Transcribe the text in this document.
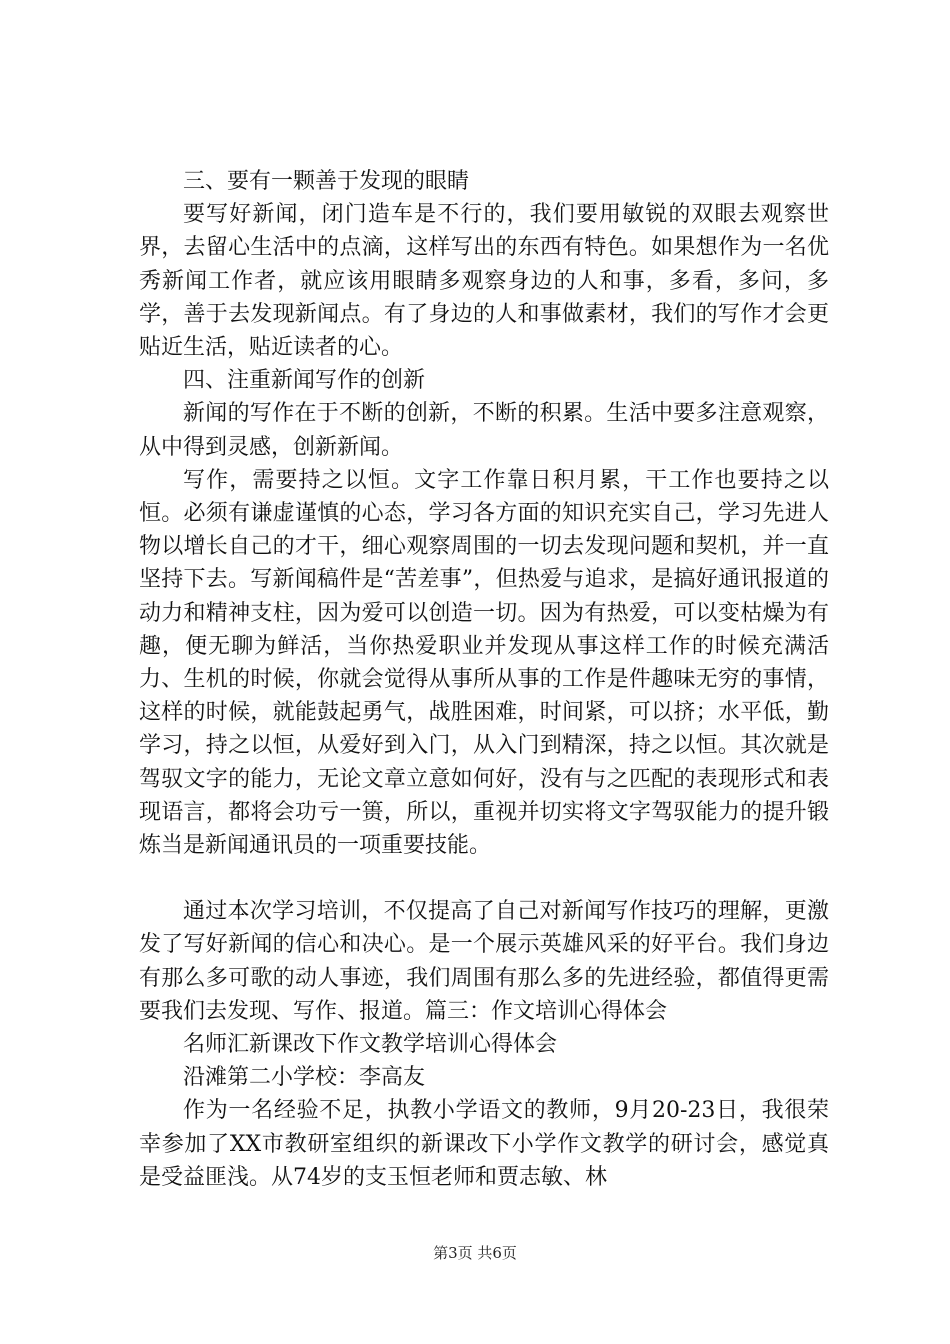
三、要有一颗善于发现的眼睛

要写好新闻，闭门造车是不行的，我们要用敏锐的双眼去观察世界，去留心生活中的点滴，这样写出的东西有特色。如果想作为一名优秀新闻工作者，就应该用眼睛多观察身边的人和事，多看，多问，多学，善于去发现新闻点。有了身边的人和事做素材，我们的写作才会更贴近生活，贴近读者的心。

四、注重新闻写作的创新

新闻的写作在于不断的创新，不断的积累。生活中要多注意观察，从中得到灵感，创新新闻。

写作，需要持之以恒。文字工作靠日积月累，干工作也要持之以恒。必须有谦虚谨慎的心态，学习各方面的知识充实自己，学习先进人物以增长自己的才干，细心观察周围的一切去发现问题和契机，并一直坚持下去。写新闻稿件是“苦差事”，但热爱与追求，是搞好通讯报道的动力和精神支柱，因为爱可以创造一切。因为有热爱，可以变枯燥为有趣，便无聊为鲜活，当你热爱职业并发现从事这样工作的时候充满活力、生机的时候，你就会觉得从事所从事的工作是件趣味无穷的事情，这样的时候，就能鼓起勇气，战胜困难，时间紧，可以挤；水平低，勤学习，持之以恒，从爱好到入门，从入门到精深，持之以恒。其次就是驾驭文字的能力，无论文章立意如何好，没有与之匹配的表现形式和表现语言，都将会功亏一篑，所以，重视并切实将文字驾驭能力的提升锻炼当是新闻通讯员的一项重要技能。

通过本次学习培训，不仅提高了自己对新闻写作技巧的理解，更激发了写好新闻的信心和决心。是一个展示英雄风采的好平台。我们身边有那么多可歌的动人事迹，我们周围有那么多的先进经验，都值得更需要我们去发现、写作、报道。篇三：作文培训心得体会

名师汇新课改下作文教学培训心得体会

沿滩第二小学校：李高友

作为一名经验不足，执教小学语文的教师，9月20-23日，我很荣幸参加了XX市教研室组织的新课改下小学作文教学的研讨会，感觉真是受益匪浅。从74岁的支玉恒老师和贾志敏、林

第3页 共6页
